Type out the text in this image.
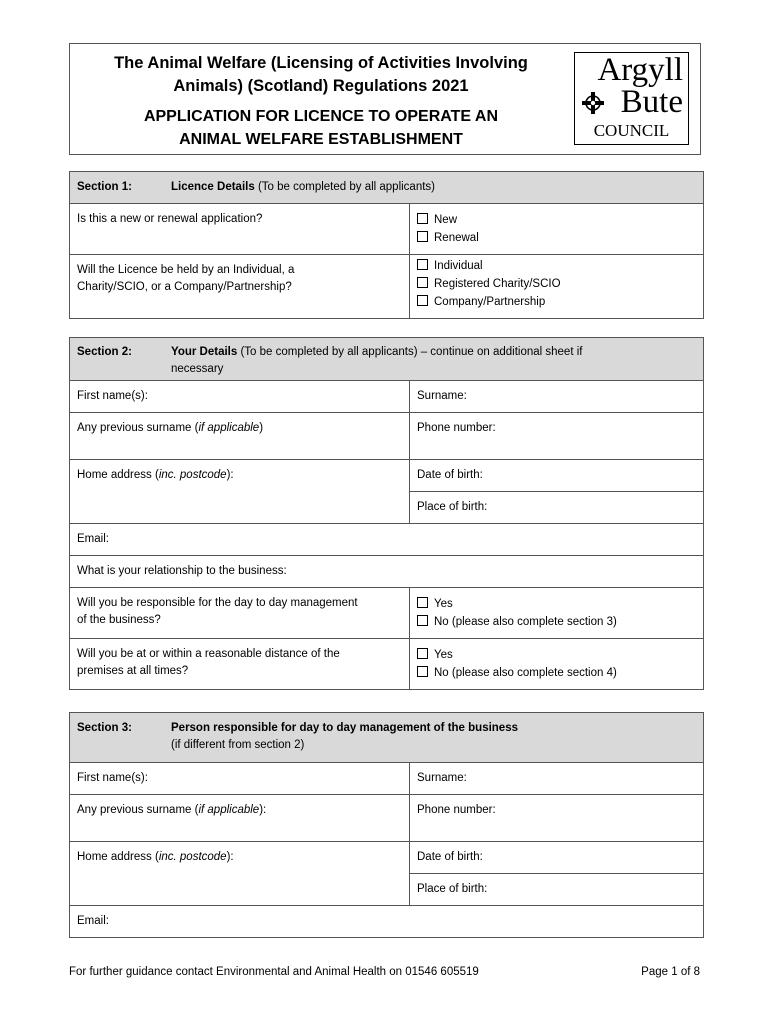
The Animal Welfare (Licensing of Activities Involving
Animals) (Scotland) Regulations 2021
APPLICATION FOR LICENCE TO OPERATE AN
ANIMAL WELFARE ESTABLISHMENT
Argyll
Bute
COUNCIL
Section 1: Licence Details (To be completed by all applicants)	
Is this a new or renewal application?	New
Renewal

Will the Licence be held by an Individual, a
Charity/SCIO, or a Company/Partnership?	Individual
Registered Charity/SCIO
Company/Partnership
Section 2: Your Details (To be completed by all applicants) – continue on additional sheet if
necessary	

First name(s):	Surname:
Any previous surname (if applicable)	Phone number:
Home address (inc. postcode):	Date of birth:
	Place of birth:
Email:	
What is your relationship to the business:	
Will you be responsible for the day to day management
of the business?	Yes
No (please also complete section 3)

Will you be at or within a reasonable distance of the
premises at all times?	Yes
No (please also complete section 4)
Section 3: Person responsible for day to day management of the business
(if different from section 2)	

First name(s):	Surname:
Any previous surname (if applicable):	Phone number:
Home address (inc. postcode):	Date of birth:
	Place of birth:
Email:	
For further guidance contact Environmental and Animal Health on 01546 605519	Page 1 of 8
